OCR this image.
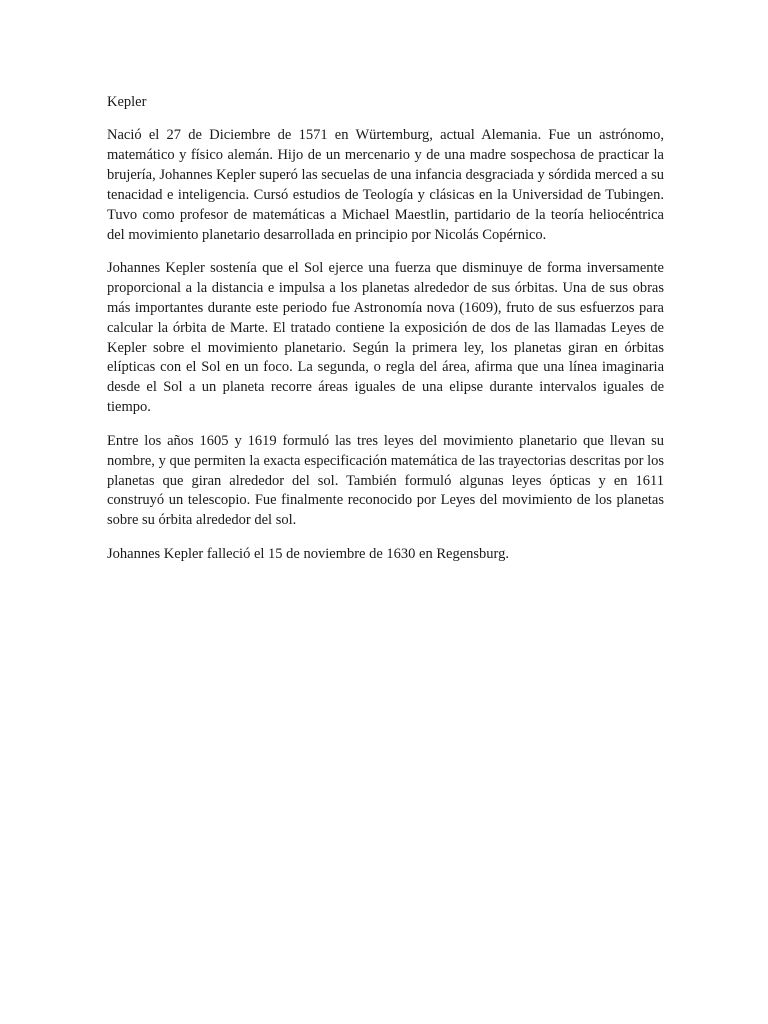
Kepler

Nació el 27 de Diciembre de 1571 en Würtemburg, actual Alemania. Fue un astrónomo, matemático y físico alemán. Hijo de un mercenario y de una madre sospechosa de practicar la brujería, Johannes Kepler superó las secuelas de una infancia desgraciada y sórdida merced a su tenacidad e inteligencia. Cursó estudios de Teología y clásicas en la Universidad de Tubingen. Tuvo como profesor de matemáticas a Michael Maestlin, partidario de la teoría heliocéntrica del movimiento planetario desarrollada en principio por Nicolás Copérnico.

Johannes Kepler sostenía que el Sol ejerce una fuerza que disminuye de forma inversamente proporcional a la distancia e impulsa a los planetas alrededor de sus órbitas. Una de sus obras más importantes durante este periodo fue Astronomía nova (1609), fruto de sus esfuerzos para calcular la órbita de Marte. El tratado contiene la exposición de dos de las llamadas Leyes de Kepler sobre el movimiento planetario. Según la primera ley, los planetas giran en órbitas elípticas con el Sol en un foco. La segunda, o regla del área, afirma que una línea imaginaria desde el Sol a un planeta recorre áreas iguales de una elipse durante intervalos iguales de tiempo.

Entre los años 1605 y 1619 formuló las tres leyes del movimiento planetario que llevan su nombre, y que permiten la exacta especificación matemática de las trayectorias descritas por los planetas que giran alrededor del sol. También formuló algunas leyes ópticas y en 1611 construyó un telescopio. Fue finalmente reconocido por Leyes del movimiento de los planetas sobre su órbita alrededor del sol.

Johannes Kepler falleció el 15 de noviembre de 1630 en Regensburg.
